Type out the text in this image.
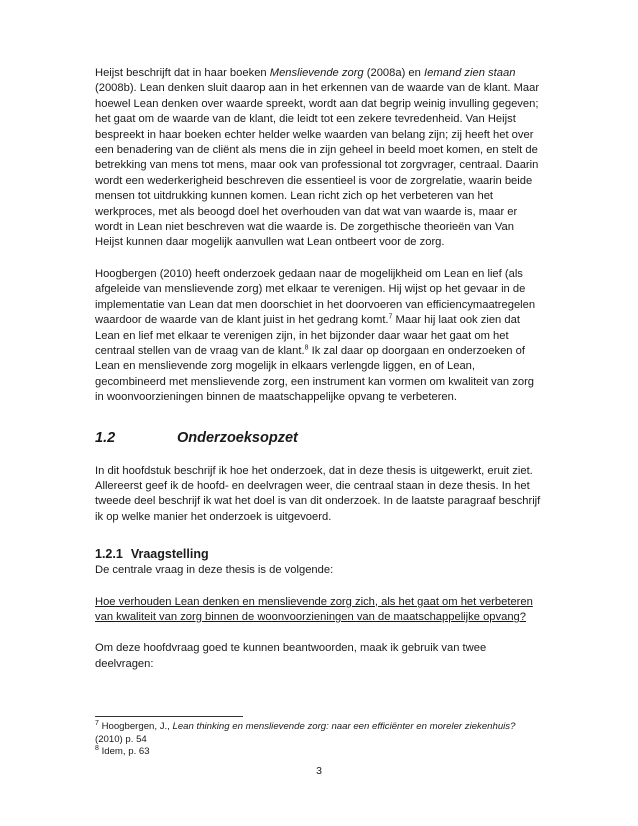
Heijst beschrijft dat in haar boeken Menslievende zorg (2008a) en Iemand zien staan (2008b). Lean denken sluit daarop aan in het erkennen van de waarde van de klant. Maar hoewel Lean denken over waarde spreekt, wordt aan dat begrip weinig invulling gegeven; het gaat om de waarde van de klant, die leidt tot een zekere tevredenheid. Van Heijst bespreekt in haar boeken echter helder welke waarden van belang zijn; zij heeft het over een benadering van de cliënt als mens die in zijn geheel in beeld moet komen, en stelt de betrekking van mens tot mens, maar ook van professional tot zorgvrager, centraal. Daarin wordt een wederkerigheid beschreven die essentieel is voor de zorgrelatie, waarin beide mensen tot uitdrukking kunnen komen. Lean richt zich op het verbeteren van het werkproces, met als beoogd doel het overhouden van dat wat van waarde is, maar er wordt in Lean niet beschreven wat die waarde is. De zorgethische theorieën van Van Heijst kunnen daar mogelijk aanvullen wat Lean ontbeert voor de zorg.

Hoogbergen (2010) heeft onderzoek gedaan naar de mogelijkheid om Lean en lief (als afgeleide van menslievende zorg) met elkaar te verenigen. Hij wijst op het gevaar in de implementatie van Lean dat men doorschiet in het doorvoeren van efficiencymaatregelen waardoor de waarde van de klant juist in het gedrang komt.$^7$ Maar hij laat ook zien dat Lean en lief met elkaar te verenigen zijn, in het bijzonder daar waar het gaat om het centraal stellen van de vraag van de klant.$^8$ Ik zal daar op doorgaan en onderzoeken of Lean en menslievende zorg mogelijk in elkaars verlengde liggen, en of Lean, gecombineerd met menslievende zorg, een instrument kan vormen om kwaliteit van zorg in woonvoorzieningen binnen de maatschappelijke opvang te verbeteren.

1.2	Onderzoeksopzet

In dit hoofdstuk beschrijf ik hoe het onderzoek, dat in deze thesis is uitgewerkt, eruit ziet. Allereerst geef ik de hoofd- en deelvragen weer, die centraal staan in deze thesis. In het tweede deel beschrijf ik wat het doel is van dit onderzoek. In de laatste paragraaf beschrijf ik op welke manier het onderzoek is uitgevoerd.

1.2.1 Vraagstelling

De centrale vraag in deze thesis is de volgende:

Hoe verhouden Lean denken en menslievende zorg zich, als het gaat om het verbeteren van kwaliteit van zorg binnen de woonvoorzieningen van de maatschappelijke opvang?

Om deze hoofdvraag goed te kunnen beantwoorden, maak ik gebruik van twee deelvragen:

$^7$ Hoogbergen, J., Lean thinking en menslievende zorg: naar een efficiënter en moreler ziekenhuis?

(2010) p. 54

$^8$ Idem, p. 63

3
